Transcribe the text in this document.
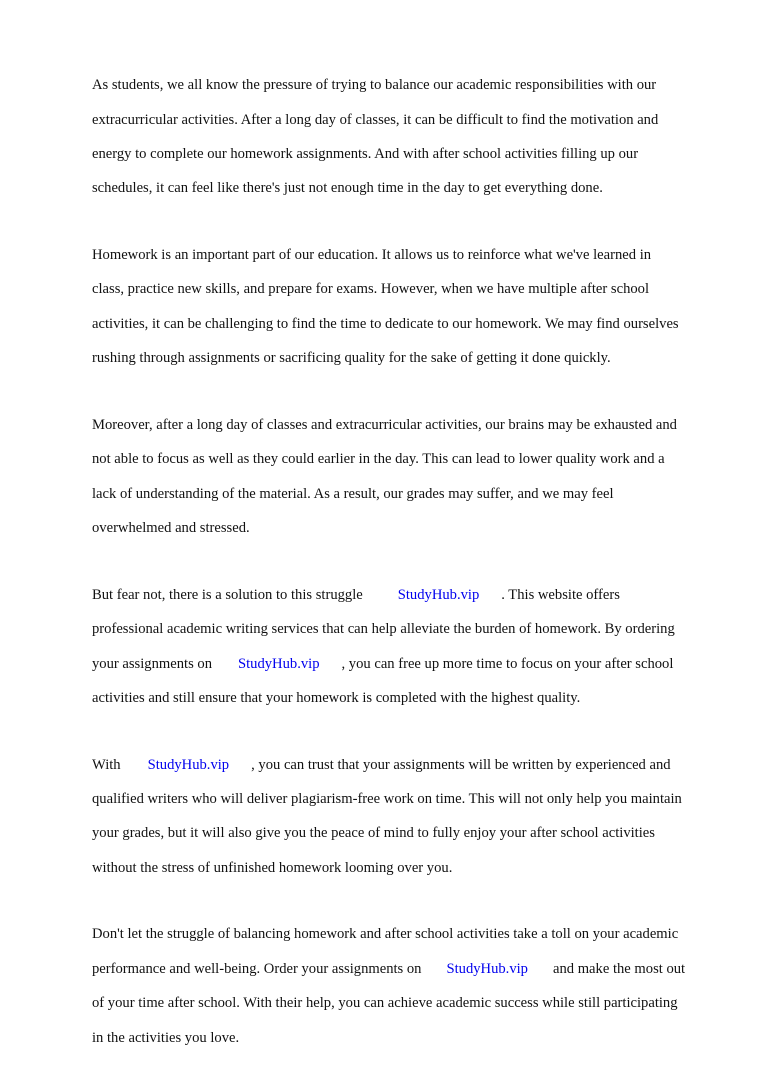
As students, we all know the pressure of trying to balance our academic responsibilities with our

extracurricular activities. After a long day of classes, it can be difficult to find the motivation and

energy to complete our homework assignments. And with after school activities filling up our

schedules, it can feel like there's just not enough time in the day to get everything done.

Homework is an important part of our education. It allows us to reinforce what we've learned in

class, practice new skills, and prepare for exams. However, when we have multiple after school

activities, it can be challenging to find the time to dedicate to our homework. We may find ourselves

rushing through assignments or sacrificing quality for the sake of getting it done quickly.

Moreover, after a long day of classes and extracurricular activities, our brains may be exhausted and

not able to focus as well as they could earlier in the day. This can lead to lower quality work and a

lack of understanding of the material. As a result, our grades may suffer, and we may feel

overwhelmed and stressed.

But fear not, there is a solution to this struggle StudyHub.vip . This website offers

professional academic writing services that can help alleviate the burden of homework. By ordering

your assignments on StudyHub.vip , you can free up more time to focus on your after school

activities and still ensure that your homework is completed with the highest quality.

With StudyHub.vip , you can trust that your assignments will be written by experienced and

qualified writers who will deliver plagiarism-free work on time. This will not only help you maintain

your grades, but it will also give you the peace of mind to fully enjoy your after school activities

without the stress of unfinished homework looming over you.

Don't let the struggle of balancing homework and after school activities take a toll on your academic

performance and well-being. Order your assignments on StudyHub.vip and make the most out

of your time after school. With their help, you can achieve academic success while still participating

in the activities you love.
